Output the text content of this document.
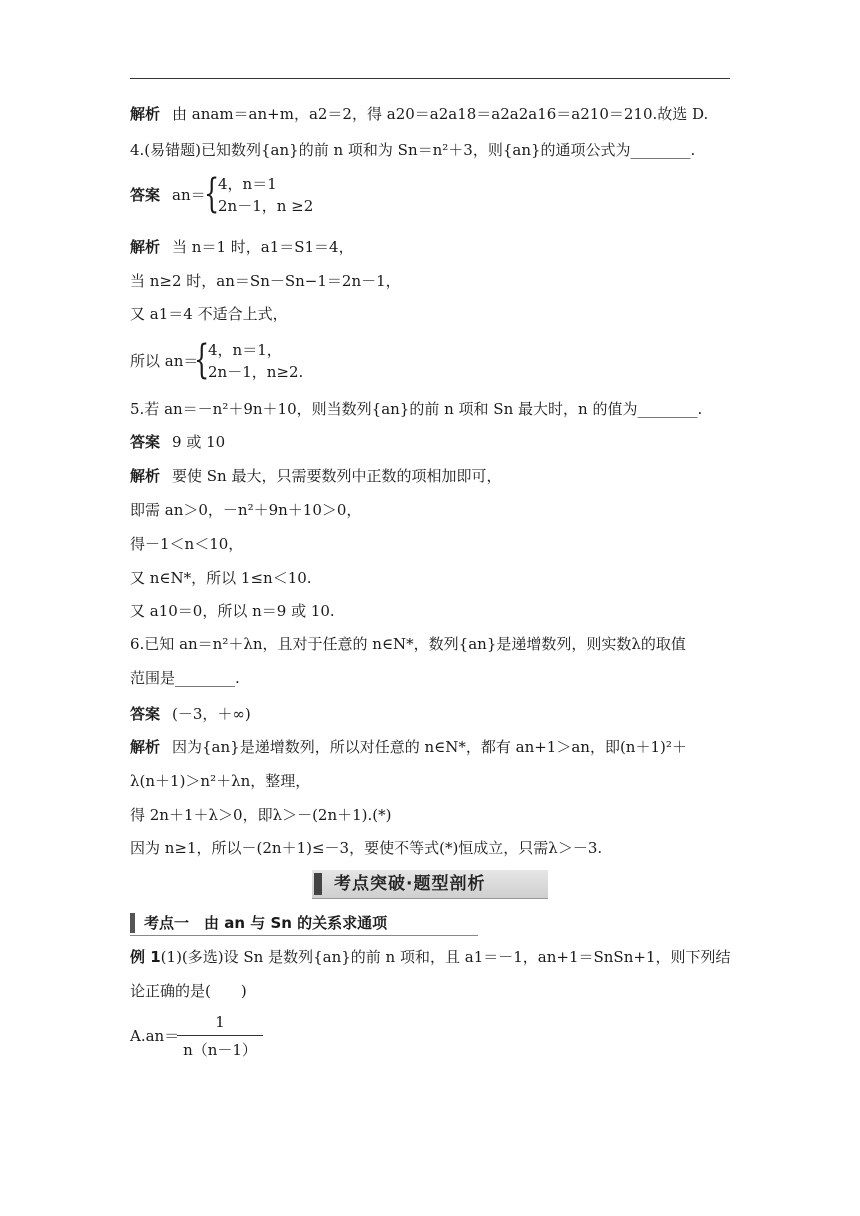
解析 由 anam＝an+m，a2＝2，得 a20＝a2a18＝a2a2a16＝a210＝210.故选 D.
4.(易错题)已知数列{an}的前 n 项和为 Sn＝n²＋3，则{an}的通项公式为________.
答案 an＝
{
4，n＝1
2n－1，n ≥2
解析 当 n＝1 时，a1＝S1＝4，
当 n≥2 时，an＝Sn－Sn−1＝2n－1，
又 a1＝4 不适合上式，
所以 an＝
{
4，n＝1，
2n－1，n≥2.
5.若 an＝－n²＋9n＋10，则当数列{an}的前 n 项和 Sn 最大时，n 的值为________.
答案 9 或 10
解析 要使 Sn 最大，只需要数列中正数的项相加即可，
即需 an＞0，－n²＋9n＋10＞0，
得－1＜n＜10，
又 n∈N*，所以 1≤n＜10.
又 a10＝0，所以 n＝9 或 10.
6.已知 an＝n²＋λn，且对于任意的 n∈N*，数列{an}是递增数列，则实数λ的取值
范围是________.
答案 (－3，＋∞)
解析 因为{an}是递增数列，所以对任意的 n∈N*，都有 an+1＞an，即(n＋1)²＋
λ(n＋1)＞n²＋λn，整理，
得 2n＋1＋λ＞0，即λ＞－(2n＋1).(*)
因为 n≥1，所以－(2n＋1)≤－3，要使不等式(*)恒成立，只需λ＞－3.
考点突破·题型剖析
考点一　由 an 与 Sn 的关系求通项
例 1(1)(多选)设 Sn 是数列{an}的前 n 项和，且 a1＝－1，an+1＝SnSn+1，则下列结
论正确的是(　　)
A.an＝
1
n（n－1）
